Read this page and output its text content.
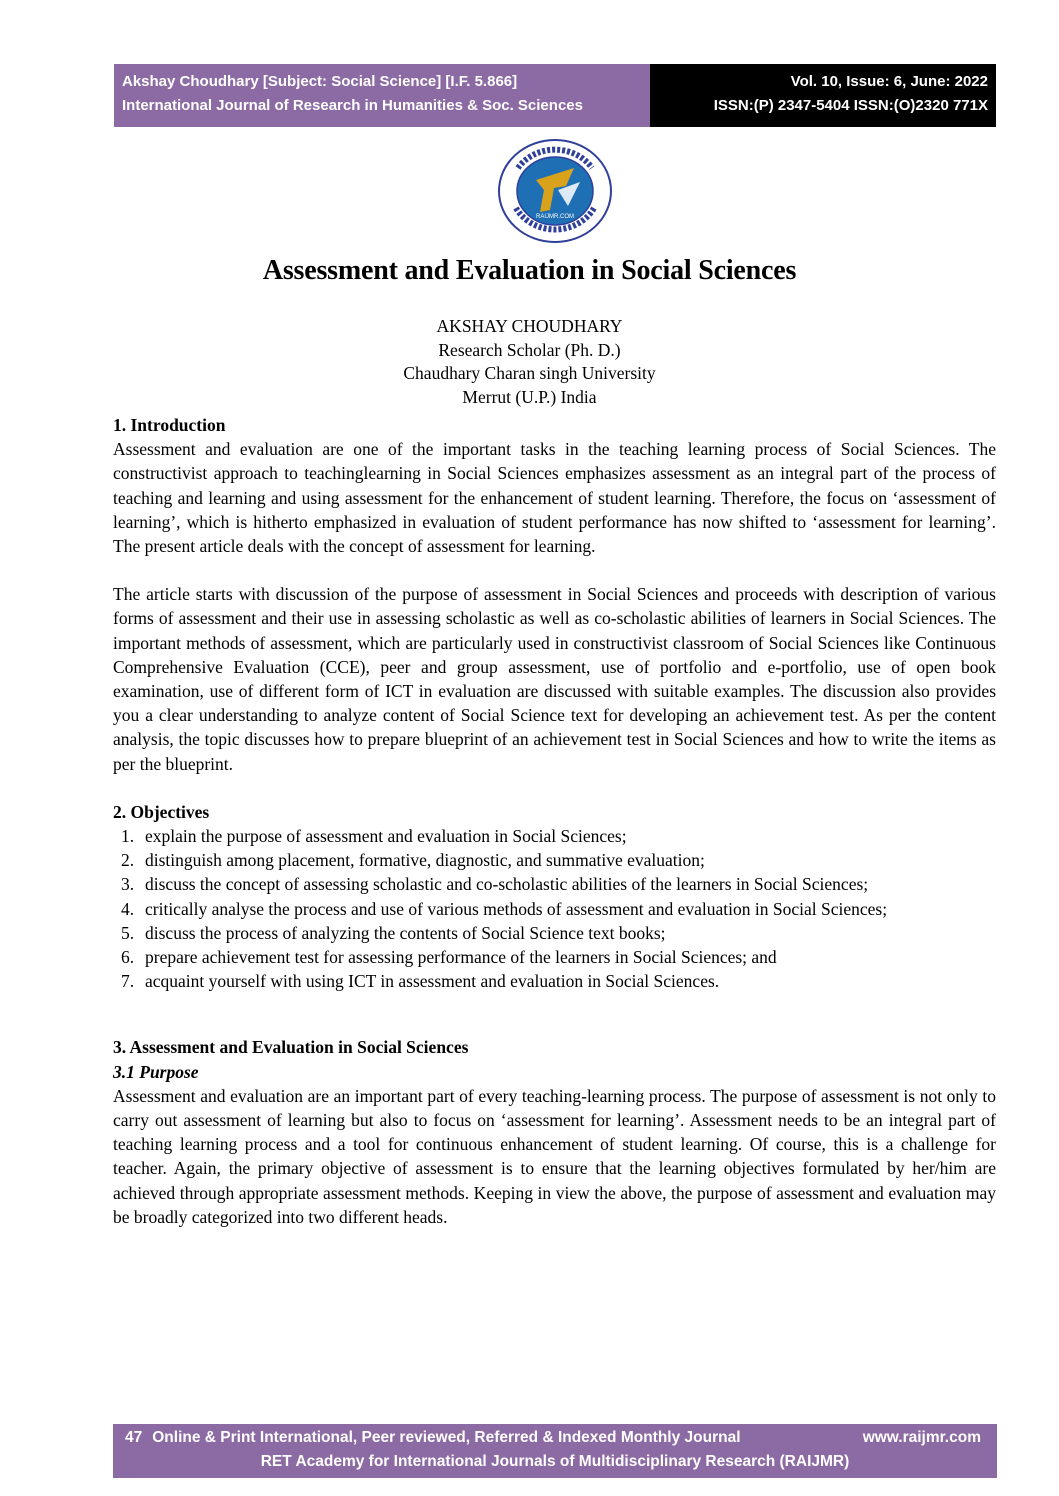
Akshay Choudhary [Subject: Social Science] [I.F. 5.866]
International Journal of Research in Humanities & Soc. Sciences
Vol. 10, Issue: 6, June: 2022
ISSN:(P) 2347-5404 ISSN:(O)2320 771X
RAIJMR.COM
Assessment and Evaluation in Social Sciences
AKSHAY CHOUDHARY
Research Scholar (Ph. D.)
Chaudhary Charan singh University
Merrut (U.P.) India
1. Introduction

Assessment and evaluation are one of the important tasks in the teaching learning process of Social Sciences. The constructivist approach to teachinglearning in Social Sciences emphasizes assessment as an integral part of the process of teaching and learning and using assessment for the enhancement of student learning. Therefore, the focus on ‘assessment of learning’, which is hitherto emphasized in evaluation of student performance has now shifted to ‘assessment for learning’. The present article deals with the concept of assessment for learning.

The article starts with discussion of the purpose of assessment in Social Sciences and proceeds with description of various forms of assessment and their use in assessing scholastic as well as co-scholastic abilities of learners in Social Sciences. The important methods of assessment, which are particularly used in constructivist classroom of Social Sciences like Continuous Comprehensive Evaluation (CCE), peer and group assessment, use of portfolio and e-portfolio, use of open book examination, use of different form of ICT in evaluation are discussed with suitable examples. The discussion also provides you a clear understanding to analyze content of Social Science text for developing an achievement test. As per the content analysis, the topic discusses how to prepare blueprint of an achievement test in Social Sciences and how to write the items as per the blueprint.

2. Objectives
1. explain the purpose of assessment and evaluation in Social Sciences;
2. distinguish among placement, formative, diagnostic, and summative evaluation;
3. discuss the concept of assessing scholastic and co-scholastic abilities of the learners in Social Sciences;
4. critically analyse the process and use of various methods of assessment and evaluation in Social Sciences;
5. discuss the process of analyzing the contents of Social Science text books;
6. prepare achievement test for assessing performance of the learners in Social Sciences; and
7. acquaint yourself with using ICT in assessment and evaluation in Social Sciences.
3. Assessment and Evaluation in Social Sciences
3.1 Purpose

Assessment and evaluation are an important part of every teaching-learning process. The purpose of assessment is not only to carry out assessment of learning but also to focus on ‘assessment for learning’. Assessment needs to be an integral part of teaching learning process and a tool for continuous enhancement of student learning. Of course, this is a challenge for teacher. Again, the primary objective of assessment is to ensure that the learning objectives formulated by her/him are achieved through appropriate assessment methods. Keeping in view the above, the purpose of assessment and evaluation may be broadly categorized into two different heads.

47 Online & Print International, Peer reviewed, Referred & Indexed Monthly Journal	www.raijmr.com
RET Academy for International Journals of Multidisciplinary Research (RAIJMR)
